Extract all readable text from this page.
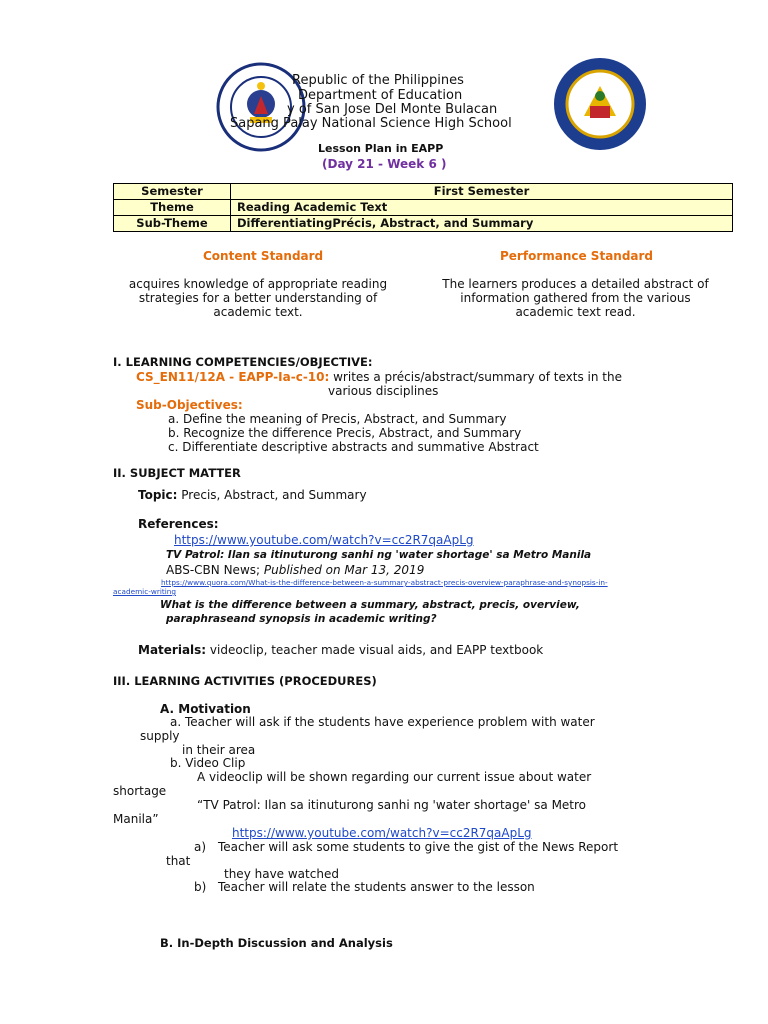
Republic of the Philippines
Department of Education
y of San Jose Del Monte Bulacan
Sapang Palay National Science High School
Lesson Plan in EAPP
(Day 21 - Week 6 )
Semester	First Semester
Theme	Reading Academic Text
Sub-Theme	DifferentiatingPrécis, Abstract, and Summary
Content Standard	Performance Standard
acquires knowledge of appropriate reading
strategies for a better understanding of
academic text.
The learners produces a detailed abstract of
information gathered from the various
academic text read.
I. LEARNING COMPETENCIES/OBJECTIVE:
CS_EN11/12A - EAPP-Ia-c-10: writes a précis/abstract/summary of texts in the
various disciplines
Sub-Objectives:
a. Define the meaning of Precis, Abstract, and Summary
b. Recognize the difference Precis, Abstract, and Summary
c. Differentiate descriptive abstracts and summative Abstract
II. SUBJECT MATTER
Topic: Precis, Abstract, and Summary
References:
https://www.youtube.com/watch?v=cc2R7qaApLg
TV Patrol: Ilan sa itinuturong sanhi ng 'water shortage' sa Metro Manila
ABS-CBN News; Published on Mar 13, 2019
https://www.quora.com/What-is-the-difference-between-a-summary-abstract-precis-overview-paraphrase-and-synopsis-in-
academic-writing
What is the difference between a summary, abstract, precis, overview,
paraphraseand synopsis in academic writing?
Materials: videoclip, teacher made visual aids, and EAPP textbook
III. LEARNING ACTIVITIES (PROCEDURES)
A. Motivation
a. Teacher will ask if the students have experience problem with water
supply
in their area
b. Video Clip
A videoclip will be shown regarding our current issue about water
shortage
“TV Patrol: Ilan sa itinuturong sanhi ng 'water shortage' sa Metro
Manila”
https://www.youtube.com/watch?v=cc2R7qaApLg
a) Teacher will ask some students to give the gist of the News Report
that
they have watched
b) Teacher will relate the students answer to the lesson
B. In-Depth Discussion and Analysis
